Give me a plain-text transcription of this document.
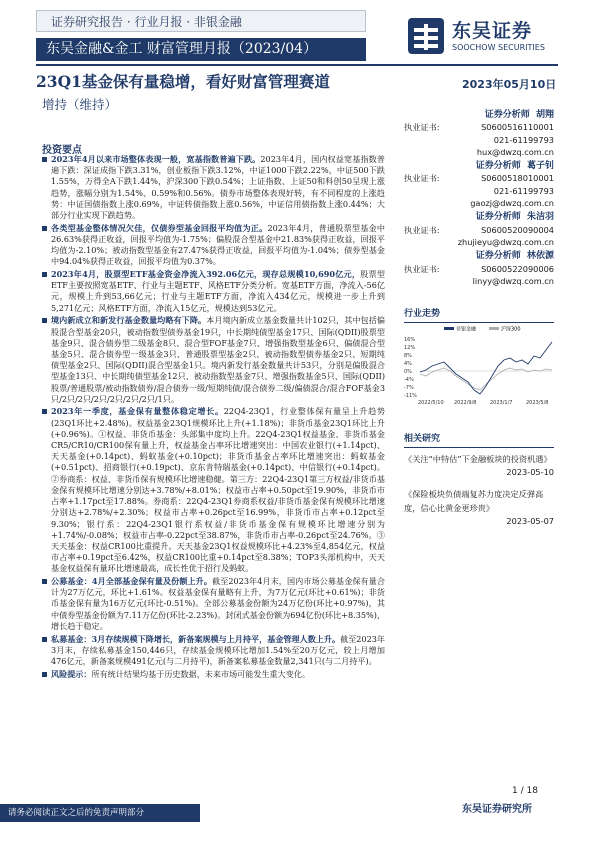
证券研究报告 · 行业月报 · 非银金融
东吴金融&金工 财富管理月报（2023/04）
东吴证券
SOOCHOW SECURITIES
23Q1基金保有量稳增，看好财富管理赛道	2023年05月10日
增持（维持）
投资要点
2023年4月以来市场整体表现一般，宽基指数普遍下跌。2023年4月，国内权益宽基指数普遍下跌：深证成指下跌3.31%，创业板指下跌3.12%，中证1000下跌2.22%，中证500下跌1.55%，万得全A下跌1.44%，沪深300下跌0.54%；上证指数、上证50和科创50呈现上涨趋势，涨幅分别为1.54%、0.59%和0.56%。债券市场整体表现好转，有不同程度的上涨趋势：中证国债指数上涨0.69%，中证转债指数上涨0.56%，中证信用债指数上涨0.44%；大部分行业实现下跌趋势。
各类型基金整体情况欠佳，仅债券型基金回报平均值为正。2023年4月，普通股票型基金中26.63%获得正收益，回报平均值为-1.75%；偏股混合型基金中21.83%获得正收益，回报平均值为-2.10%；被动指数型基金有27.47%获得正收益，回报平均值为-1.04%；债券型基金中94.04%获得正收益，回报平均值为0.37%。
2023年4月，股票型ETF基金资金净流入392.06亿元，现存总规模10,690亿元，股票型ETF主要按照宽基ETF、行业与主题ETF、风格ETF分类分析。宽基ETF方面，净流入-56亿元，规模上升到53,66亿元；行业与主题ETF方面，净流入434亿元，规模进一步上升到5,271亿元；风格ETF方面，净流入15亿元，规模达到53亿元。
境内新成立和新发行基金数量均略有下降。本月境内新成立基金数量共计102只，其中包括偏股混合型基金20只，被动指数型债券基金19只，中长期纯债型基金17只、国际(QDII)股票型基金9只、混合债券型二级基金8只、混合型FOF基金7只、增强指数型基金6只、偏债混合型基金5只、混合债券型一级基金3只、普通股票型基金2只、被动指数型债券基金2只、短期纯债型基金2只、国际(QDII)混合型基金1只。境内新发行基金数量共计53只，分别是偏股混合型基金13只、中长期纯债型基金12只、被动指数型基金7只、增强指数基金5只、国际(QDII)股票/普通股票/被动指数债券/混合债券一级/短期纯债/混合债券二级/偏债混合/混合FOF基金3只/2只/2只/2只/2只/2只/2只/1只。
2023年一季度，基金保有量整体稳定增长。22Q4-23Q1，行业整体保有量呈上升趋势(23Q1环比+2.48%)。权益基金23Q1规模环比上升(+1.18%)；非货币基金23Q1环比上升(+0.96%)。①权益、非货币基金：头部集中度均上升。22Q4-23Q1权益基金、非货币基金CR5/CR10/CR100保有量上升，权益基金占率环比增速突出：中国农业银行(+1.14pct)、天天基金(+0.14pct)、蚂蚁基金(+0.10pct)；非货币基金占率环比增速突出：蚂蚁基金(+0.51pct)、招商银行(+0.19pct)、京东肯特瑞基金(+0.14pct)、中信银行(+0.14pct)。②券商系：权益、非货币保有规模环比增速稳健。第三方：22Q4-23Q1第三方权益/非货币基金保有规模环比增速分别达+3.78%/+8.01%；权益市占率+0.50pct至19.90%，非货币市占率+1.17pct至17.88%。券商系：22Q4-23Q1券商系权益/非货币基金保有规模环比增速分别达+2.78%/+2.30%；权益市占率+0.26pct至16.99%，非货币市占率+0.12pct至9.30%；银行系：22Q4-23Q1银行系权益/非货币基金保有规模环比增速分别为+1.74%/-0.08%；权益市占率-0.22pct至38.87%，非货币市占率-0.26pct至24.76%。③天天基金：权益CR100比重提升。天天基金23Q1权益规模环比+4.23%至4,854亿元，权益市占率+0.19pct至6.42%，权益CR100比重+0.14pct至8.38%；TOP3头部机构中，天天基金权益保有量环比增速最高，成长性优于招行及蚂蚁。
公募基金：4月全部基金保有量及份额上升。截至2023年4月末，国内市场公募基金保有量合计为27万亿元，环比+1.61%。权益基金保有量略有上升，为7万亿元(环比+0.61%)；非货币基金保有量为16万亿元(环比-0.51%)。全部公募基金份额为24万亿份(环比+0.97%)，其中债券型基金份额为7.11万亿份(环比-2.23%)。封闭式基金份额为694亿份(环比+8.35%)，增长趋于稳定。
私募基金：3月存续规模下降增长，新备案规模与上月持平，基金管理人数上升。截至2023年3月末，存续私募基金150,446只，存续基金规模环比增加1.54%至20万亿元，较上月增加476亿元，新备案规模491亿元(与二月持平)，新备案私募基金数量2,341只(与二月持平)。
风险提示：所有统计结果均基于历史数据，未来市场可能发生重大变化。
证券分析师 胡翔
执业证书:	S0600516110001
021-61199793
hux@dwzq.com.cn
证券分析师 葛子钊
执业证书:	S0600518010001
021-61199793
gaozj@dwzq.com.cn
证券分析师 朱洁羽
执业证书:	S0600520090004
zhujieyu@dwzq.com.cn
证券分析师 林依源
执业证书:	S0600522090006
linyy@dwzq.com.cn
行业走势
16%
12%
8%
4%
0%
-4%
-7%
-11%
2022/5/10 2022/9/8	2023/1/7	2023/5/8
非银金融	沪深300
相关研究
《关注“中特估”下金融板块的投资机遇》
2023-05-10
《保险板块负债端复苏力度决定反弹高度，信心比黄金更珍贵》
2023-05-07
1 / 18
东吴证券研究所
请务必阅读正文之后的免责声明部分
